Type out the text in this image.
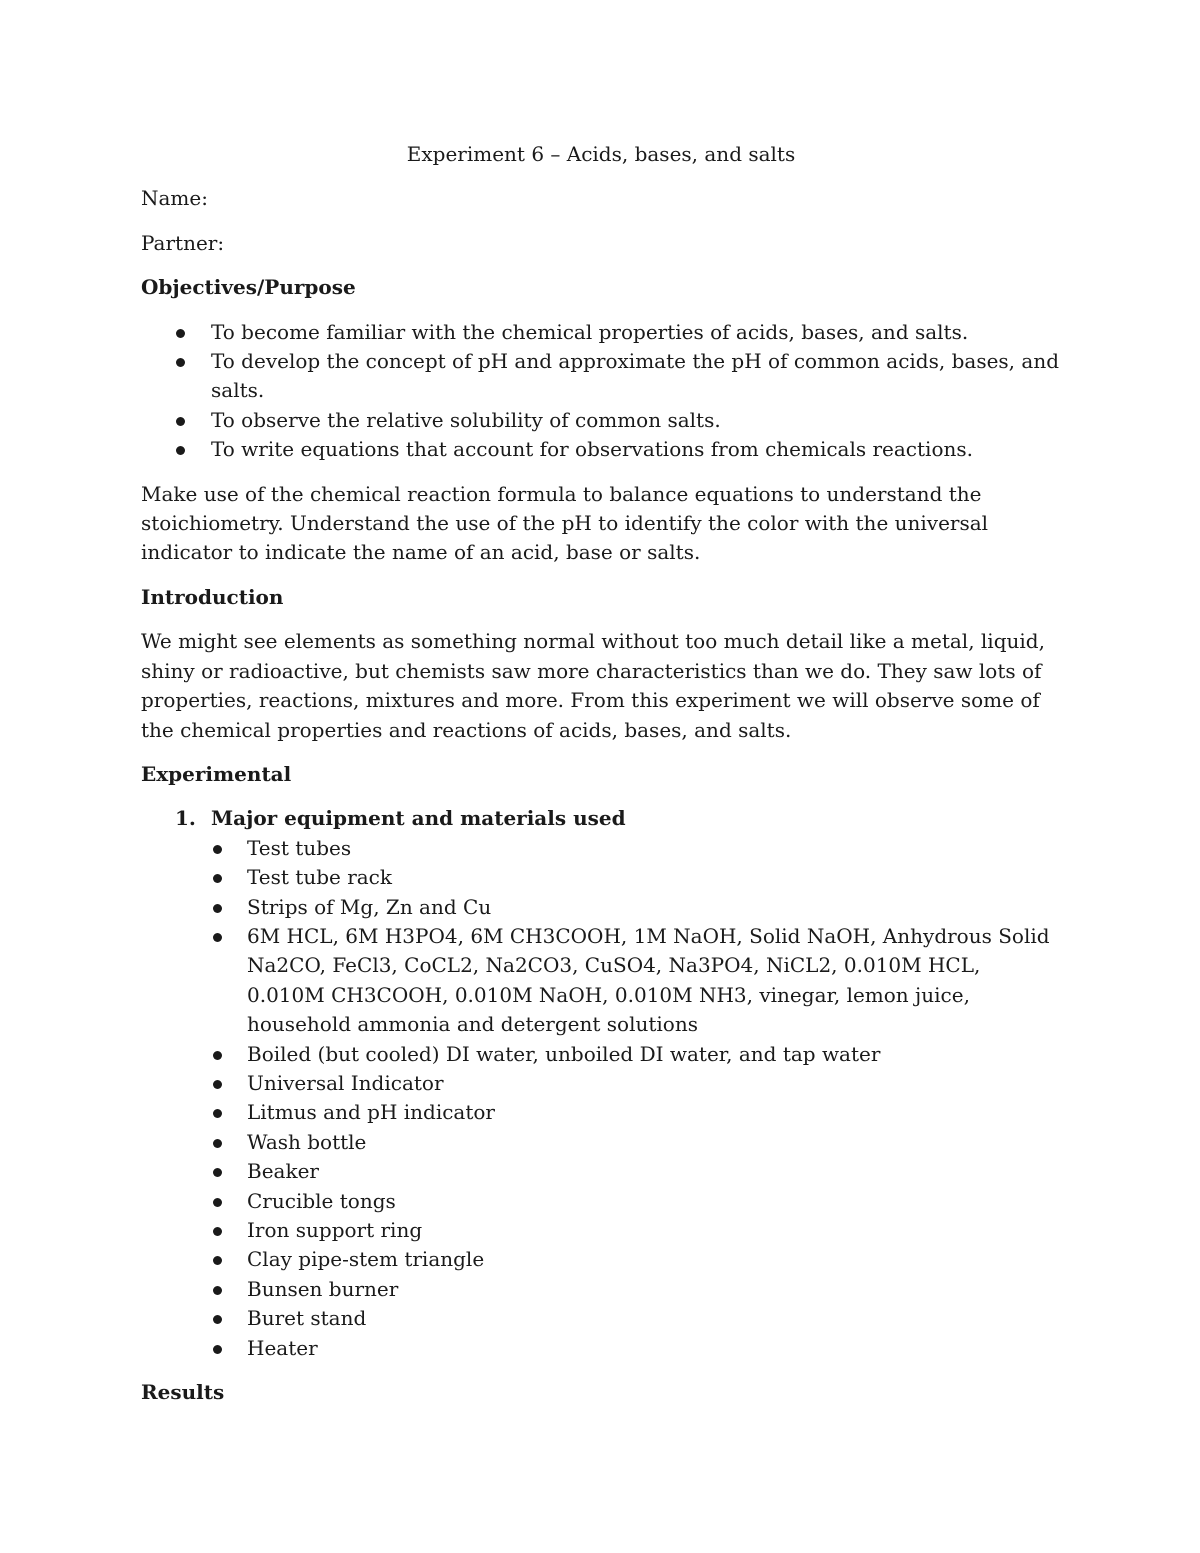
Experiment 6 – Acids, bases, and salts

Name:

Partner:

Objectives/Purpose
To become familiar with the chemical properties of acids, bases, and salts.
To develop the concept of pH and approximate the pH of common acids, bases, and salts.
To observe the relative solubility of common salts.
To write equations that account for observations from chemicals reactions.

Make use of the chemical reaction formula to balance equations to understand the stoichiometry. Understand the use of the pH to identify the color with the universal indicator to indicate the name of an acid, base or salts.

Introduction

We might see elements as something normal without too much detail like a metal, liquid, shiny or radioactive, but chemists saw more characteristics than we do. They saw lots of properties, reactions, mixtures and more. From this experiment we will observe some of the chemical properties and reactions of acids, bases, and salts.

Experimental
1. Major equipment and materials used
Test tubes
Test tube rack
Strips of Mg, Zn and Cu
6M HCL, 6M H3PO4, 6M CH3COOH, 1M NaOH, Solid NaOH, Anhydrous Solid Na2CO, FeCl3, CoCL2, Na2CO3, CuSO4, Na3PO4, NiCL2, 0.010M HCL, 0.010M CH3COOH, 0.010M NaOH, 0.010M NH3, vinegar, lemon juice, household ammonia and detergent solutions
Boiled (but cooled) DI water, unboiled DI water, and tap water
Universal Indicator
Litmus and pH indicator
Wash bottle
Beaker
Crucible tongs
Iron support ring
Clay pipe-stem triangle
Bunsen burner
Buret stand
Heater
Results
